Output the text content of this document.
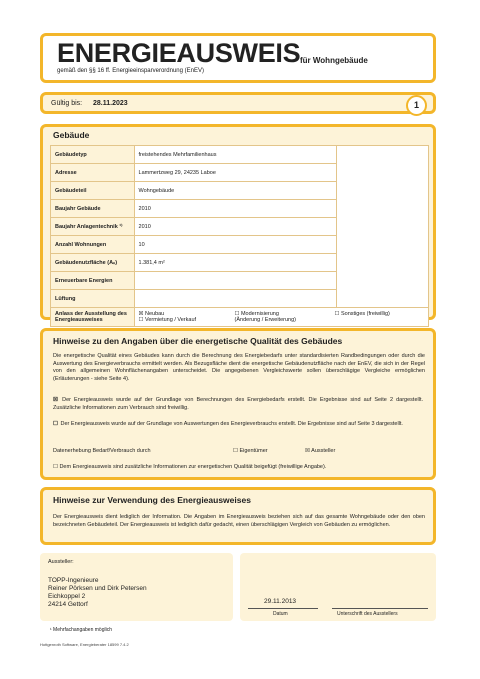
ENERGIEAUSWEIS für Wohngebäude
gemäß den §§ 16 ff. Energieeinsparverordnung (EnEV)
Gültig bis: 28.11.2023	1
Gebäude
Gebäudetyp	freistehendes Mehrfamilienhaus	
Adresse	Lammertzweg 29, 24235 Laboe	
Gebäudeteil	Wohngebäude	
Baujahr Gebäude	2010	
Baujahr Anlagentechnik ¹⁾	2010	
Anzahl Wohnungen	10	
Gebäudenutzfläche (Aₙ)	1.381,4 m²	
Erneuerbare Energien		
Lüftung		
Anlass der Ausstellung des Energieausweises	☒ Neubau
☐ Vermietung / Verkauf
☐ Modernisierung
(Änderung / Erweiterung)
☐ Sonstiges (freiwillig)	
Hinweise zu den Angaben über die energetische Qualität des Gebäudes
Die energetische Qualität eines Gebäudes kann durch die Berechnung des Energiebedarfs unter standardisierten Randbedingungen oder durch die Auswertung des Energieverbrauchs ermittelt werden. Als Bezugsfläche dient die energetische Gebäudenutzfläche nach der EnEV, die sich in der Regel von den allgemeinen Wohnflächenangaben unterscheidet. Die angegebenen Vergleichswerte sollen überschlägige Vergleiche ermöglichen (Erläuterungen - siehe Seite 4).
☒ Der Energieausweis wurde auf der Grundlage von Berechnungen des Energiebedarfs erstellt. Die Ergebnisse sind auf Seite 2 dargestellt. Zusätzliche Informationen zum Verbrauch sind freiwillig.
☐ Der Energieausweis wurde auf der Grundlage von Auswertungen des Energieverbrauchs erstellt. Die Ergebnisse sind auf Seite 3 dargestellt.
Datenerhebung Bedarf/Verbrauch durch	☐ Eigentümer	☒ Aussteller
☐ Dem Energieausweis sind zusätzliche Informationen zur energetischen Qualität beigefügt (freiwillige Angabe).
Hinweise zur Verwendung des Energieausweises
Der Energieausweis dient lediglich der Information. Die Angaben im Energieausweis beziehen sich auf das gesamte Wohngebäude oder den oben bezeichneten Gebäudeteil. Der Energieausweis ist lediglich dafür gedacht, einen überschlägigen Vergleich von Gebäuden zu ermöglichen.
Aussteller:
TOPP-Ingenieure
Reiner Pörksen und Dirk Petersen
Eichkoppel 2
24214 Gettorf	29.11.2013
Datum	Unterschrift des Ausstellers
¹ Mehrfachangaben möglich
Hottgenroth Software, Energieberater 18599 7.4.2
